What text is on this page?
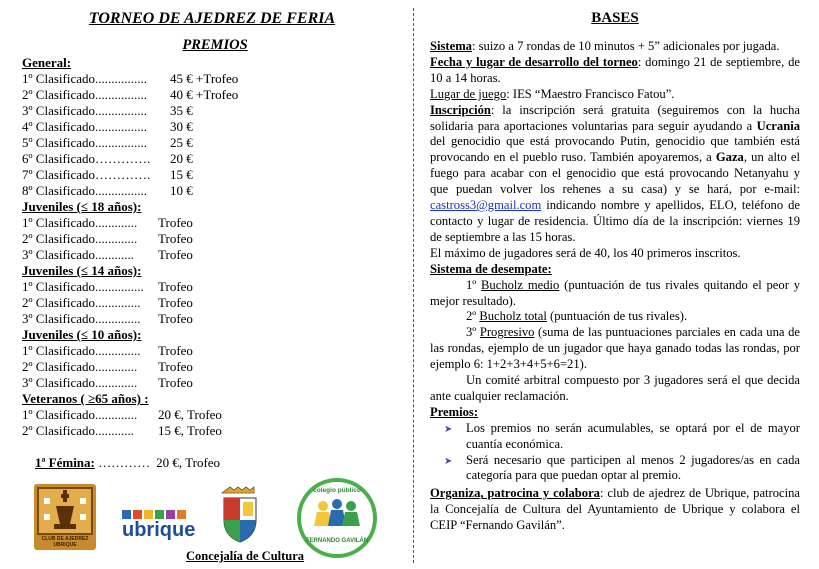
TORNEO DE AJEDREZ DE FERIA
PREMIOS
General:
1º Clasificado................ 45 € +Trofeo
2º Clasificado................ 40 € +Trofeo
3º Clasificado................ 35 €
4º Clasificado................ 30 €
5º Clasificado................ 25 €
6º Clasificado…………. 20 €
7º Clasificado…………. 15 €
8º Clasificado................ 10 €
Juveniles (≤ 18 años):
1º Clasificado............. Trofeo
2º Clasificado............. Trofeo
3º Clasificado............ Trofeo
Juveniles (≤ 14 años):
1º Clasificado............... Trofeo
2º Clasificado.............. Trofeo
3º Clasificado.............. Trofeo
Juveniles (≤ 10 años):
1º Clasificado.............. Trofeo
2º Clasificado............. Trofeo
3º Clasificado............. Trofeo
Veteranos ( ≥65 años) :
1º Clasificado............. 20 €, Trofeo
2º Clasificado............ 15 €, Trofeo

1ª Fémina: ………… 20 €, Trofeo

CLUB DE AJEDREZ UBRIQUE
ubrique
Concejalía de Cultura
colegio público
FERNANDO GAVILÁN
BASES
Sistema: suizo a 7 rondas de 10 minutos + 5” adicionales por jugada.
Fecha y lugar de desarrollo del torneo: domingo 21 de septiembre, de 10 a 14 horas.
Lugar de juego: IES “Maestro Francisco Fatou”.
Inscripción: la inscripción será gratuita (seguiremos con la hucha solidaria para aportaciones voluntarias para seguir ayudando a Ucrania del genocidio que está provocando Putin, genocidio que también está provocando en el pueblo ruso. También apoyaremos, a Gaza, un alto el fuego para acabar con el genocidio que está provocando Netanyahu y que puedan volver los rehenes a su casa) y se hará, por e-mail: castross3@gmail.com indicando nombre y apellidos, ELO, teléfono de contacto y lugar de residencia. Último día de la inscripción: viernes 19 de septiembre a las 15 horas.
El máximo de jugadores será de 40, los 40 primeros inscritos.
Sistema de desempate:
1º Bucholz medio (puntuación de tus rivales quitando el peor y mejor resultado).
2º Bucholz total (puntuación de tus rivales).
3º Progresivo (suma de las puntuaciones parciales en cada una de las rondas, ejemplo de un jugador que haya ganado todas las rondas, por ejemplo 6: 1+2+3+4+5+6=21).
Un comité arbitral compuesto por 3 jugadores será el que decida ante cualquier reclamación.
Premios:
➤ Los premios no serán acumulables, se optará por el de mayor cuantía económica.
➤ Será necesario que participen al menos 2 jugadores/as en cada categoría para que puedan optar al premio.
Organiza, patrocina y colabora: club de ajedrez de Ubrique, patrocina la Concejalía de Cultura del Ayuntamiento de Ubrique y colabora el CEIP “Fernando Gavilán”.
